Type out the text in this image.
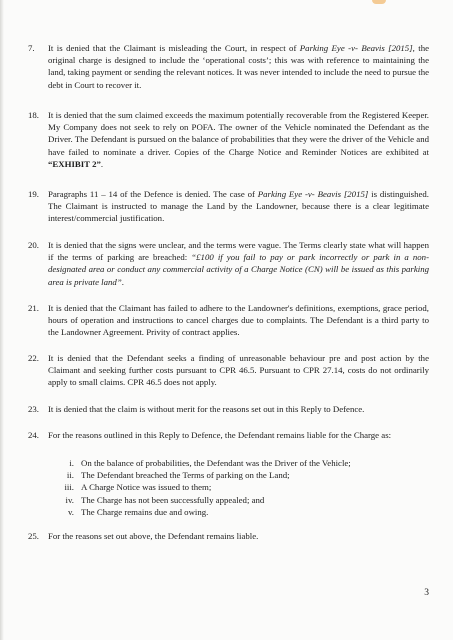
7.	It is denied that the Claimant is misleading the Court, in respect of Parking Eye -v- Beavis [2015], the original charge is designed to include the ‘operational costs’; this was with reference to maintaining the land, taking payment or sending the relevant notices. It was never intended to include the need to pursue the debt in Court to recover it.
18.	It is denied that the sum claimed exceeds the maximum potentially recoverable from the Registered Keeper. My Company does not seek to rely on POFA. The owner of the Vehicle nominated the Defendant as the Driver. The Defendant is pursued on the balance of probabilities that they were the driver of the Vehicle and have failed to nominate a driver. Copies of the Charge Notice and Reminder Notices are exhibited at “EXHIBIT 2”.
19.	Paragraphs 11 – 14 of the Defence is denied. The case of Parking Eye -v- Beavis [2015] is distinguished. The Claimant is instructed to manage the Land by the Landowner, because there is a clear legitimate interest/commercial justification.
20.	It is denied that the signs were unclear, and the terms were vague. The Terms clearly state what will happen if the terms of parking are breached: “£100 if you fail to pay or park incorrectly or park in a non-designated area or conduct any commercial activity of a Charge Notice (CN) will be issued as this parking area is private land”.
21.	It is denied that the Claimant has failed to adhere to the Landowner's definitions, exemptions, grace period, hours of operation and instructions to cancel charges due to complaints. The Defendant is a third party to the Landowner Agreement. Privity of contract applies.
22.	It is denied that the Defendant seeks a finding of unreasonable behaviour pre and post action by the Claimant and seeking further costs pursuant to CPR 46.5. Pursuant to CPR 27.14, costs do not ordinarily apply to small claims. CPR 46.5 does not apply.
23.	It is denied that the claim is without merit for the reasons set out in this Reply to Defence.
24.	For the reasons outlined in this Reply to Defence, the Defendant remains liable for the Charge as:
i. On the balance of probabilities, the Defendant was the Driver of the Vehicle;
ii. The Defendant breached the Terms of parking on the Land;
iii. A Charge Notice was issued to them;
iv. The Charge has not been successfully appealed; and
v. The Charge remains due and owing.
25.	For the reasons set out above, the Defendant remains liable.
3
